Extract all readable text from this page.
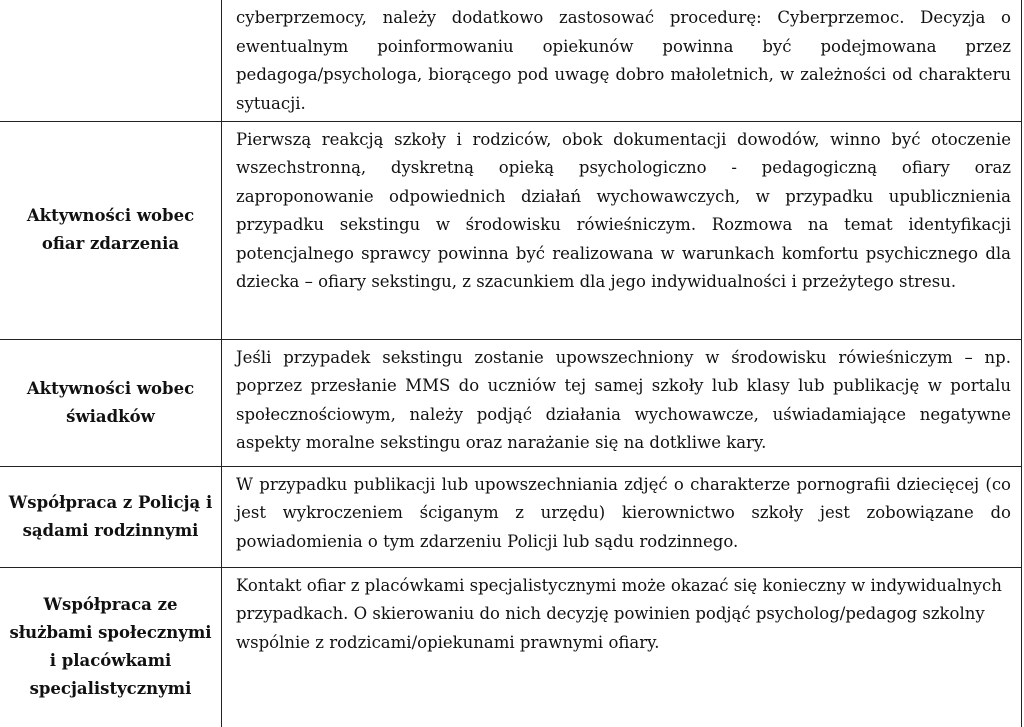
	cyberprzemocy, należy dodatkowo zastosować procedurę: Cyberprzemoc. Decyzja o ewentualnym poinformowaniu opiekunów powinna być podejmowana przez pedagoga/psychologa, biorącego pod uwagę dobro małoletnich, w zależności od charakteru sytuacji.

Aktywności wobec ofiar zdarzenia	Pierwszą reakcją szkoły i rodziców, obok dokumentacji dowodów, winno być otoczenie wszechstronną, dyskretną opieką psychologiczno - pedagogiczną ofiary oraz zaproponowanie odpowiednich działań wychowawczych, w przypadku upublicznienia przypadku sekstingu w środowisku rówieśniczym. Rozmowa na temat identyfikacji potencjalnego sprawcy powinna być realizowana w warunkach komfortu psychicznego dla dziecka – ofiary sekstingu, z szacunkiem dla jego indywidualności i przeżytego stresu.

Aktywności wobec świadków	Jeśli przypadek sekstingu zostanie upowszechniony w środowisku rówieśniczym – np. poprzez przesłanie MMS do uczniów tej samej szkoły lub klasy lub publikację w portalu społecznościowym, należy podjąć działania wychowawcze, uświadamiające negatywne aspekty moralne sekstingu oraz narażanie się na dotkliwe kary.

Współpraca z Policją i sądami rodzinnymi	W przypadku publikacji lub upowszechniania zdjęć o charakterze pornografii dziecięcej (co jest wykroczeniem ściganym z urzędu) kierownictwo szkoły jest zobowiązane do powiadomienia o tym zdarzeniu Policji lub sądu rodzinnego.

Współpraca ze służbami społecznymi i placówkami specjalistycznymi	Kontakt ofiar z placówkami specjalistycznymi może okazać się konieczny w indywidualnych przypadkach. O skierowaniu do nich decyzję powinien podjąć psycholog/pedagog szkolny wspólnie z rodzicami/opiekunami prawnymi ofiary.
